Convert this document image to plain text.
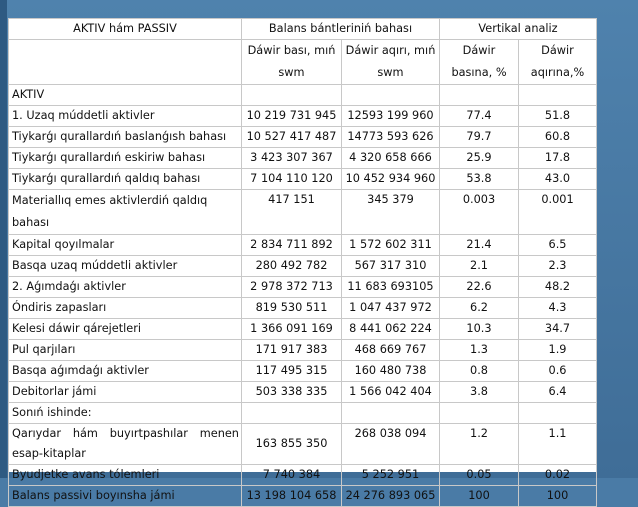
AKTIV hám PASSIV	Balans bántleriniń bahası		Vertikal analiz	
	Dáwir bası, mıń swm	Dáwir aqırı, mıń swm	Dáwir basına, %	Dáwir aqırına,%
AKTIV				
1. Uzaq múddetli aktivler	10 219 731 945	12593 199 960	77.4	51.8
Tiykarǵı qurallardıń baslanǵısh bahası	10 527 417 487	14773 593 626	79.7	60.8
Tiykarǵı qurallardıń eskiriw bahası	3 423 307 367	4 320 658 666	25.9	17.8
Tiykarǵı qurallardıń qaldıq bahası	7 104 110 120	10 452 934 960	53.8	43.0
Materiallıq emes aktivlerdiń qaldıq bahası	417 151	345 379	0.003	0.001
Kapital qoyılmalar	2 834 711 892	1 572 602 311	21.4	6.5
Basqa uzaq múddetli aktivler	280 492 782	567 317 310	2.1	2.3
2. Aǵımdaǵı aktivler	2 978 372 713	11 683 693105	22.6	48.2
Óndiris zapasları	819 530 511	1 047 437 972	6.2	4.3
Kelesi dáwir qárejetleri	1 366 091 169	8 441 062 224	10.3	34.7
Pul qarjıları	171 917 383	468 669 767	1.3	1.9
Basqa aǵımdaǵı aktivler	117 495 315	160 480 738	0.8	0.6
Debitorlar jámi	503 338 335	1 566 042 404	3.8	6.4
Sonıń ishinde:				

Qarıydar hám buyırtpashılar menen
esap-kitaplar	163 855 350	268 038 094	1.2	1.1
Byudjetke avans tólemleri	7 740 384	5 252 951	0.05	0.02
Balans passivi boyınsha jámi	13 198 104 658	24 276 893 065	100	100
